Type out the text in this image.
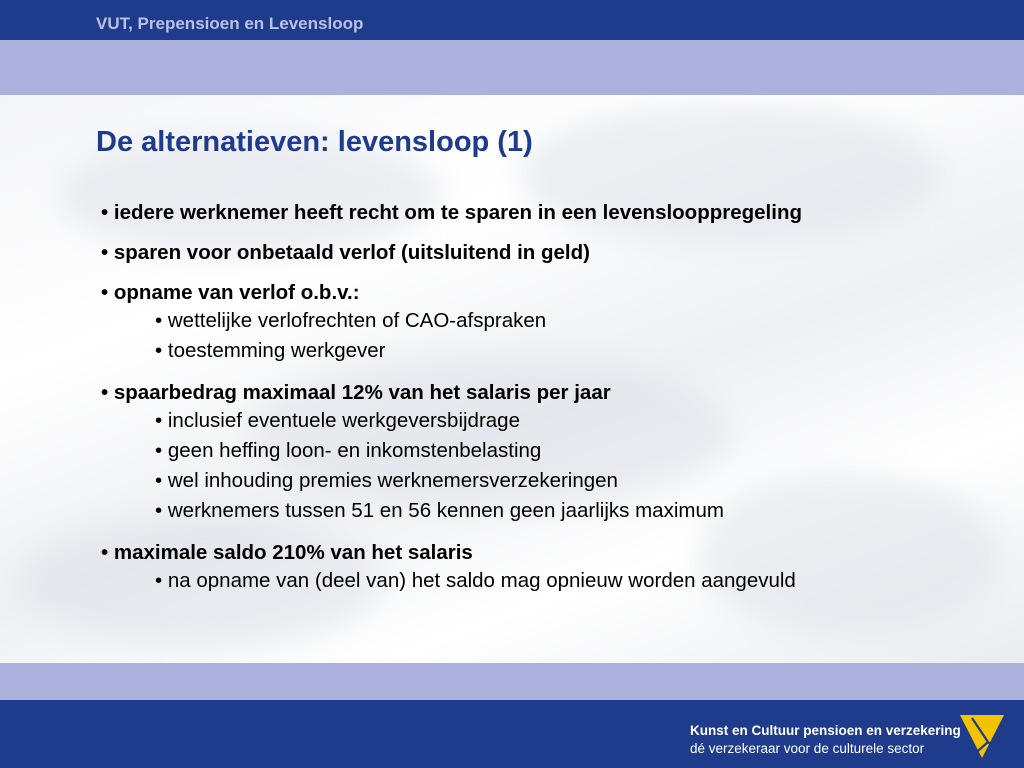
VUT, Prepensioen en Levensloop
De alternatieven: levensloop (1)
• iedere werknemer heeft recht om te sparen in een levenslooppregeling
• sparen voor onbetaald verlof (uitsluitend in geld)
• opname van verlof o.b.v.:
• wettelijke verlofrechten of CAO-afspraken
• toestemming werkgever
• spaarbedrag maximaal 12% van het salaris per jaar
• inclusief eventuele werkgeversbijdrage
• geen heffing loon- en inkomstenbelasting
• wel inhouding premies werknemersverzekeringen
• werknemers tussen 51 en 56 kennen geen jaarlijks maximum
• maximale saldo 210% van het salaris
• na opname van (deel van) het saldo mag opnieuw worden aangevuld
Kunst en Cultuur pensioen en verzekering
dé verzekeraar voor de culturele sector
